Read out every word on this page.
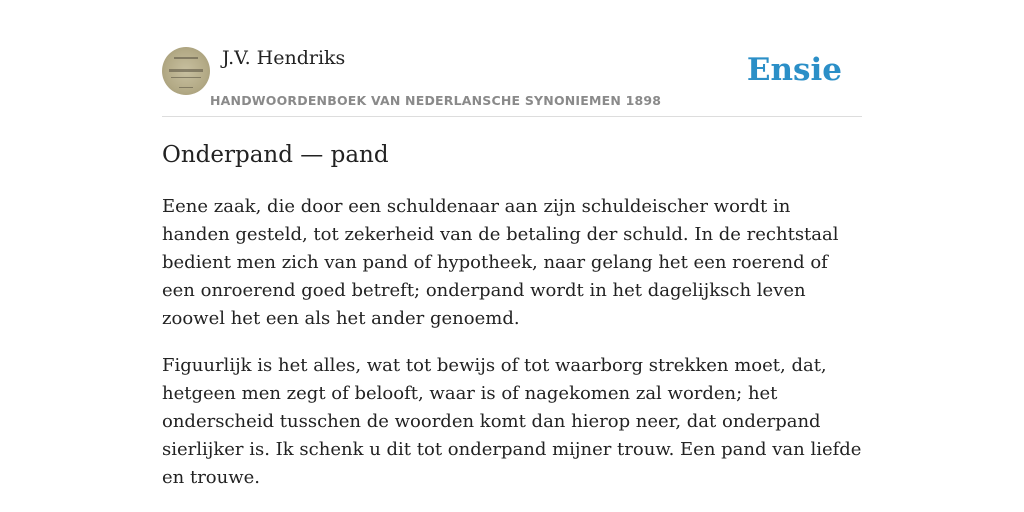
J.V. Hendriks
HANDWOORDENBOEK VAN NEDERLANSCHE SYNONIEMEN 1898
Ensie
Onderpand — pand

Eene zaak, die door een schuldenaar aan zijn schuldeischer wordt in handen gesteld, tot zekerheid van de betaling der schuld. In de rechtstaal bedient men zich van pand of hypotheek, naar gelang het een roerend of een onroerend goed betreft; onderpand wordt in het dagelijksch leven zoowel het een als het ander genoemd.

Figuurlijk is het alles, wat tot bewijs of tot waarborg strekken moet, dat, hetgeen men zegt of belooft, waar is of nagekomen zal worden; het onderscheid tusschen de woorden komt dan hierop neer, dat onderpand sierlijker is. Ik schenk u dit tot onderpand mijner trouw. Een pand van liefde en trouwe.
